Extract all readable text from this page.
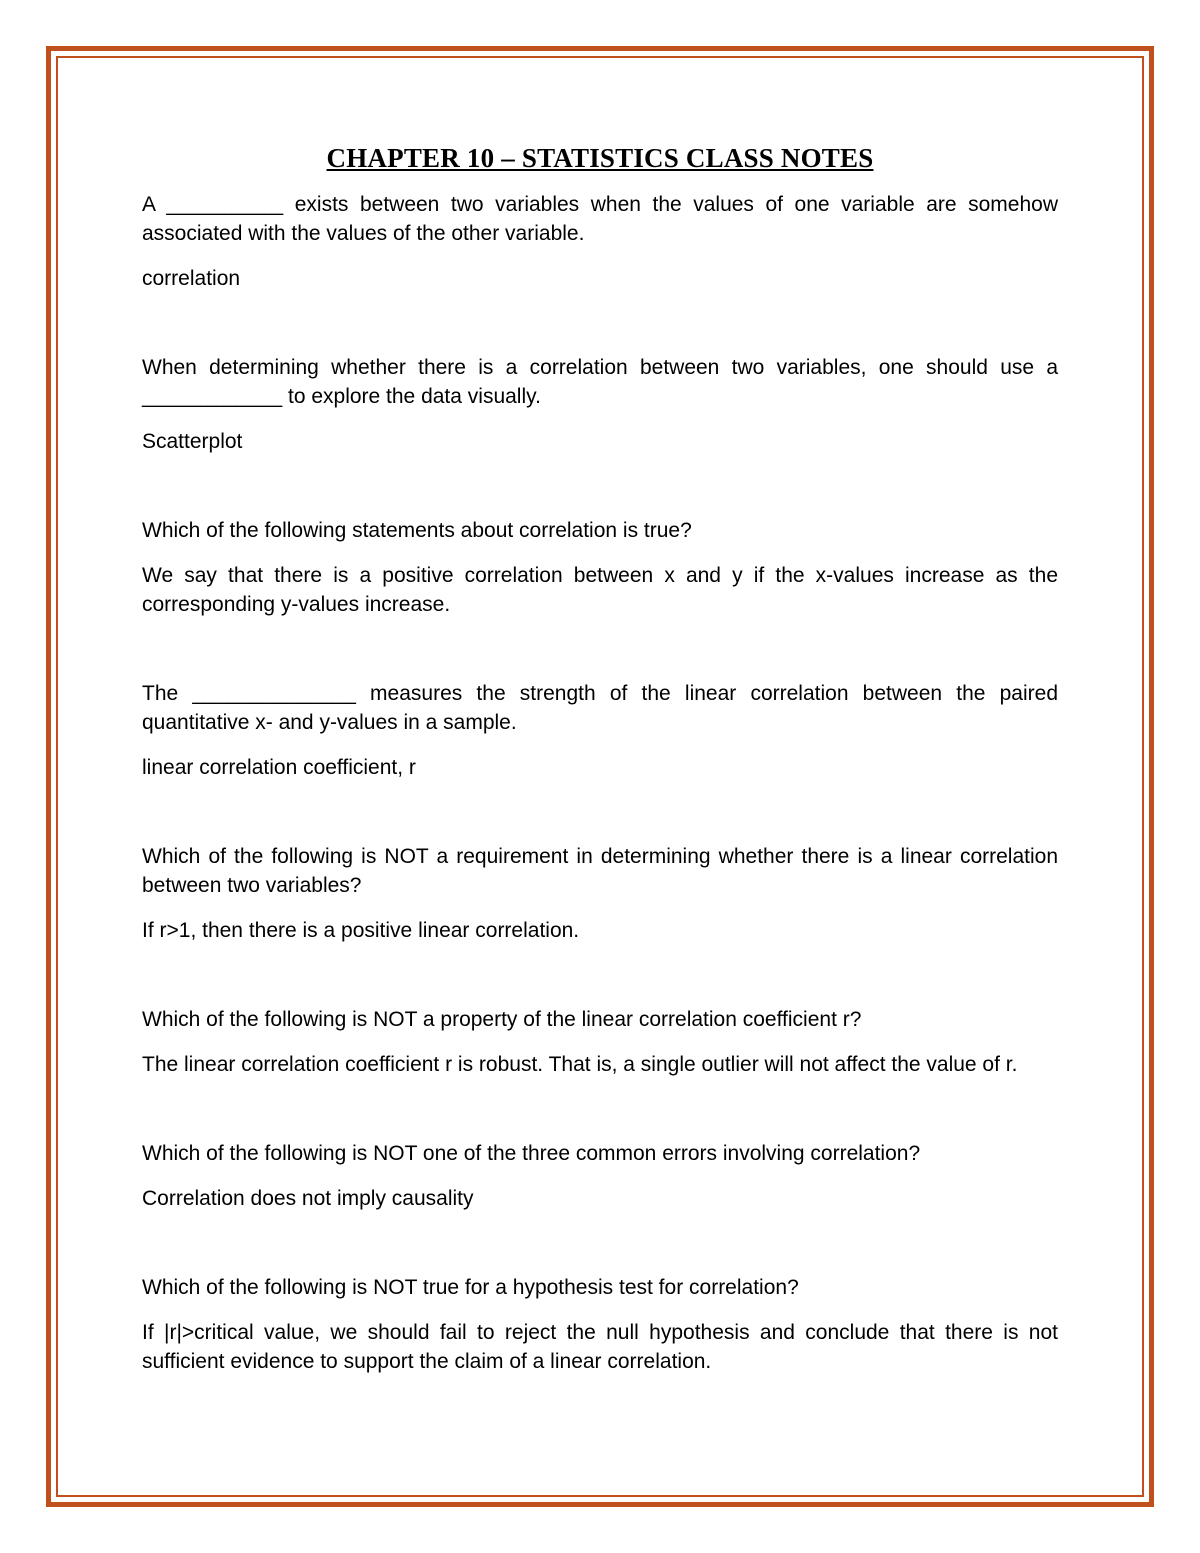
CHAPTER 10 – STATISTICS CLASS NOTES

A __________ exists between two variables when the values of one variable are somehow associated with the values of the other variable.

correlation

When determining whether there is a correlation between two variables, one should use a ____________ to explore the data visually.

Scatterplot

Which of the following statements about correlation is true?

We say that there is a positive correlation between x and y if the x-values increase as the corresponding y-values increase.

The ______________ measures the strength of the linear correlation between the paired quantitative x- and y-values in a sample.

linear correlation coefficient, r

Which of the following is NOT a requirement in determining whether there is a linear correlation between two variables?

If r>1, then there is a positive linear correlation.

Which of the following is NOT a property of the linear correlation coefficient r?

The linear correlation coefficient r is robust. That is, a single outlier will not affect the value of r.

Which of the following is NOT one of the three common errors involving correlation?

Correlation does not imply causality

Which of the following is NOT true for a hypothesis test for correlation?

If |r|>critical value, we should fail to reject the null hypothesis and conclude that there is not sufficient evidence to support the claim of a linear correlation.
